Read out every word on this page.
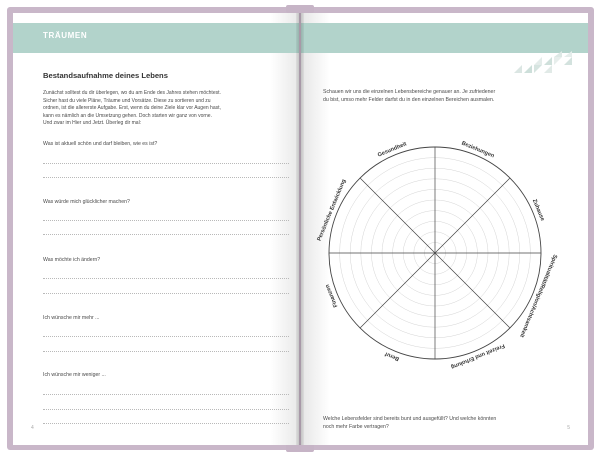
TRÄUMEN
Bestandsaufnahme deines Lebens
Zunächst solltest du dir überlegen, wo du am Ende des Jahres stehen möchtest.
Sicher hast du viele Pläne, Träume und Vorsätze. Diese zu sortieren und zu
ordnen, ist die allererste Aufgabe. Erst, wenn du deine Ziele klar vor Augen hast,
kann es nämlich an die Umsetzung gehen. Doch starten wir ganz von vorne.
Und zwar im Hier und Jetzt. Überleg dir mal:
Was ist aktuell schön und darf bleiben, wie es ist?
Was würde mich glücklicher machen?
Was möchte ich ändern?
Ich wünsche mir mehr ...
Ich wünsche mir weniger ...
4
Schauen wir uns die einzelnen Lebensbereiche genauer an. Je zufriedener
du bist, umso mehr Felder darfst du in den einzelnen Bereichen ausmalen.
Gesundheit	Beziehungen
Zuhause
Spiritualität/Religion/Achtsamkeit
Freizeit und Erholung
Beruf
Finanzen
Persönliche Entwicklung
Welche Lebensfelder sind bereits bunt und ausgefüllt? Und welche könnten
noch mehr Farbe vertragen?	5
